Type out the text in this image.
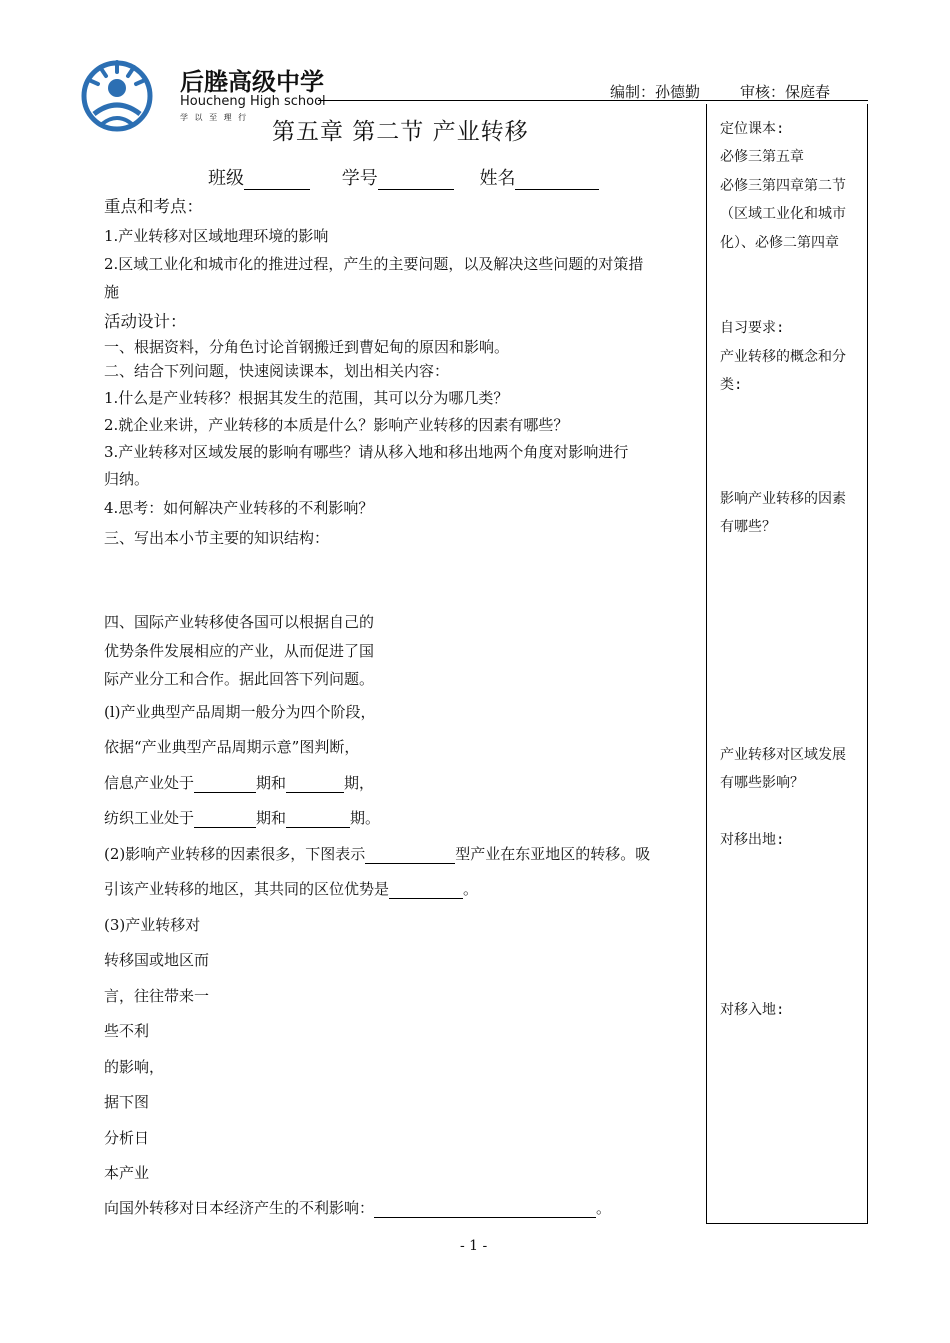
后塍高级中学
Houcheng High school
学 以 至 理 行
编制：孙德勤	审核：保庭春
第五章 第二节 产业转移
班级	学号	姓名
重点和考点：
1.产业转移对区域地理环境的影响
2.区域工业化和城市化的推进过程，产生的主要问题，以及解决这些问题的对策措
施
活动设计：
一、根据资料，分角色讨论首钢搬迁到曹妃甸的原因和影响。
二、结合下列问题，快速阅读课本，划出相关内容：
1.什么是产业转移？根据其发生的范围，其可以分为哪几类？
2.就企业来讲，产业转移的本质是什么？影响产业转移的因素有哪些？
3.产业转移对区域发展的影响有哪些？请从移入地和移出地两个角度对影响进行
归纳。
4.思考：如何解决产业转移的不利影响？
三、写出本小节主要的知识结构：
四、国际产业转移使各国可以根据自己的
优势条件发展相应的产业，从而促进了国
际产业分工和合作。据此回答下列问题。
(l)产业典型产品周期一般分为四个阶段，
依据“产业典型产品周期示意”图判断，
信息产业处于	期和	期，
纺织工业处于	期和	期。
(2)影响产业转移的因素很多，下图表示	型产业在东亚地区的转移。吸
引该产业转移的地区，其共同的区位优势是	。
(3)产业转移对
转移国或地区而
言，往往带来一
些不利
的影响，
据下图
分析日
本产业
向国外转移对日本经济产生的不利影响：	。
定位课本:
必修三第五章
必修三第四章第二节（区域工业化和城市化）、必修二第四章
自习要求:
产业转移的概念和分类:
影响产业转移的因素有哪些？
产业转移对区域发展有哪些影响？
对移出地:
对移入地:
- 1 -
